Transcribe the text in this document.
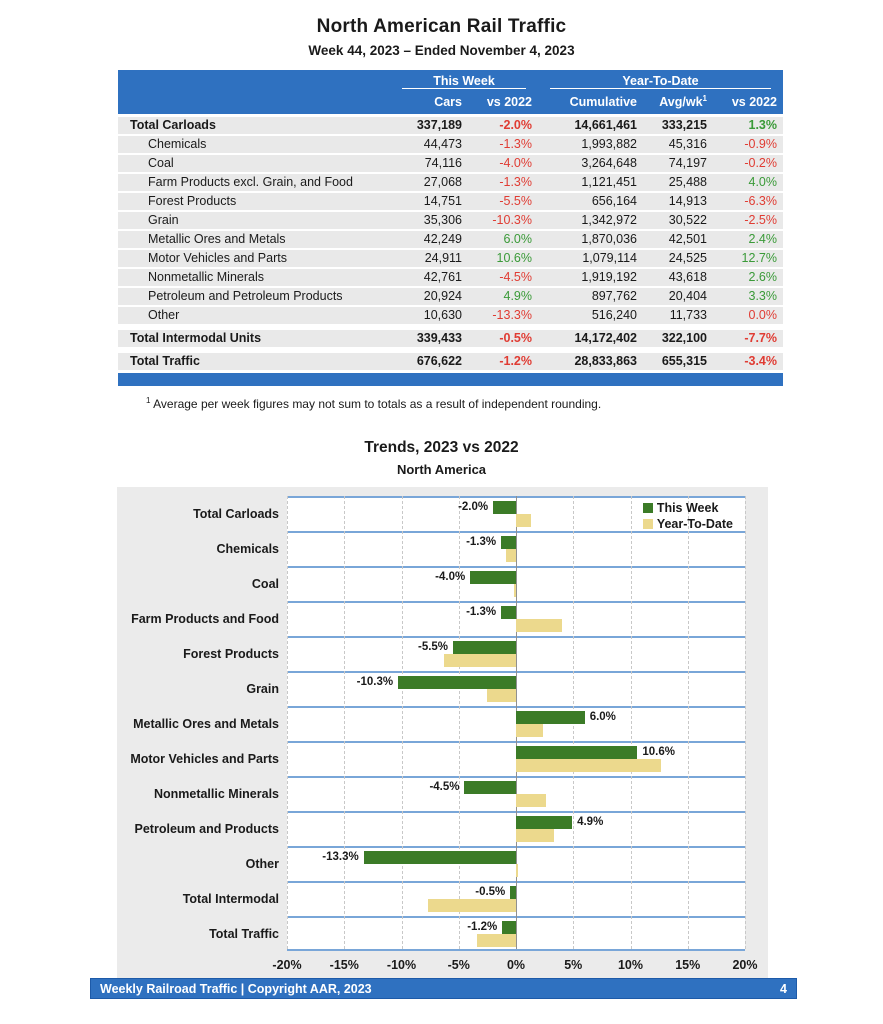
North American Rail Traffic
Week 44, 2023 – Ended November 4, 2023
This Week	Year-To-Date
Cars	vs 2022	Cumulative	Avg/$wk^1$	vs 2022
Total Carloads	337,189	-2.0%	14,661,461	333,215	1.3%
Chemicals	44,473	-1.3%	1,993,882	45,316	-0.9%
Coal	74,116	-4.0%	3,264,648	74,197	-0.2%
Farm Products excl. Grain, and Food	27,068	-1.3%	1,121,451	25,488	4.0%
Forest Products	14,751	-5.5%	656,164	14,913	-6.3%
Grain	35,306	-10.3%	1,342,972	30,522	-2.5%
Metallic Ores and Metals	42,249	6.0%	1,870,036	42,501	2.4%
Motor Vehicles and Parts	24,911	10.6%	1,079,114	24,525	12.7%
Nonmetallic Minerals	42,761	-4.5%	1,919,192	43,618	2.6%
Petroleum and Petroleum Products	20,924	4.9%	897,762	20,404	3.3%
Other	10,630	-13.3%	516,240	11,733	0.0%
Total Intermodal Units	339,433	-0.5%	14,172,402	322,100	-7.7%
Total Traffic	676,622	-1.2%	28,833,863	655,315	-3.4%
$^1$ Average per week figures may not sum to totals as a result of independent rounding.
Trends, 2023 vs 2022
North America
Total Carloads
Chemicals
Coal
Farm Products and Food
Forest Products
Grain
Metallic Ores and Metals
Motor Vehicles and Parts
Nonmetallic Minerals
Petroleum and Products
Other
Total Intermodal
Total Traffic
This Week
Year-To-Date
-2.0%
-1.3%
-4.0%
-1.3%
-5.5%
-10.3%
6.0%
10.6%
-4.5%
4.9%
-13.3%
-0.5%
-1.2%
-20% -15% -10%	-5%	0%	5%	10%	15%	20%
Weekly Railroad Traffic | Copyright AAR, 2023	4
